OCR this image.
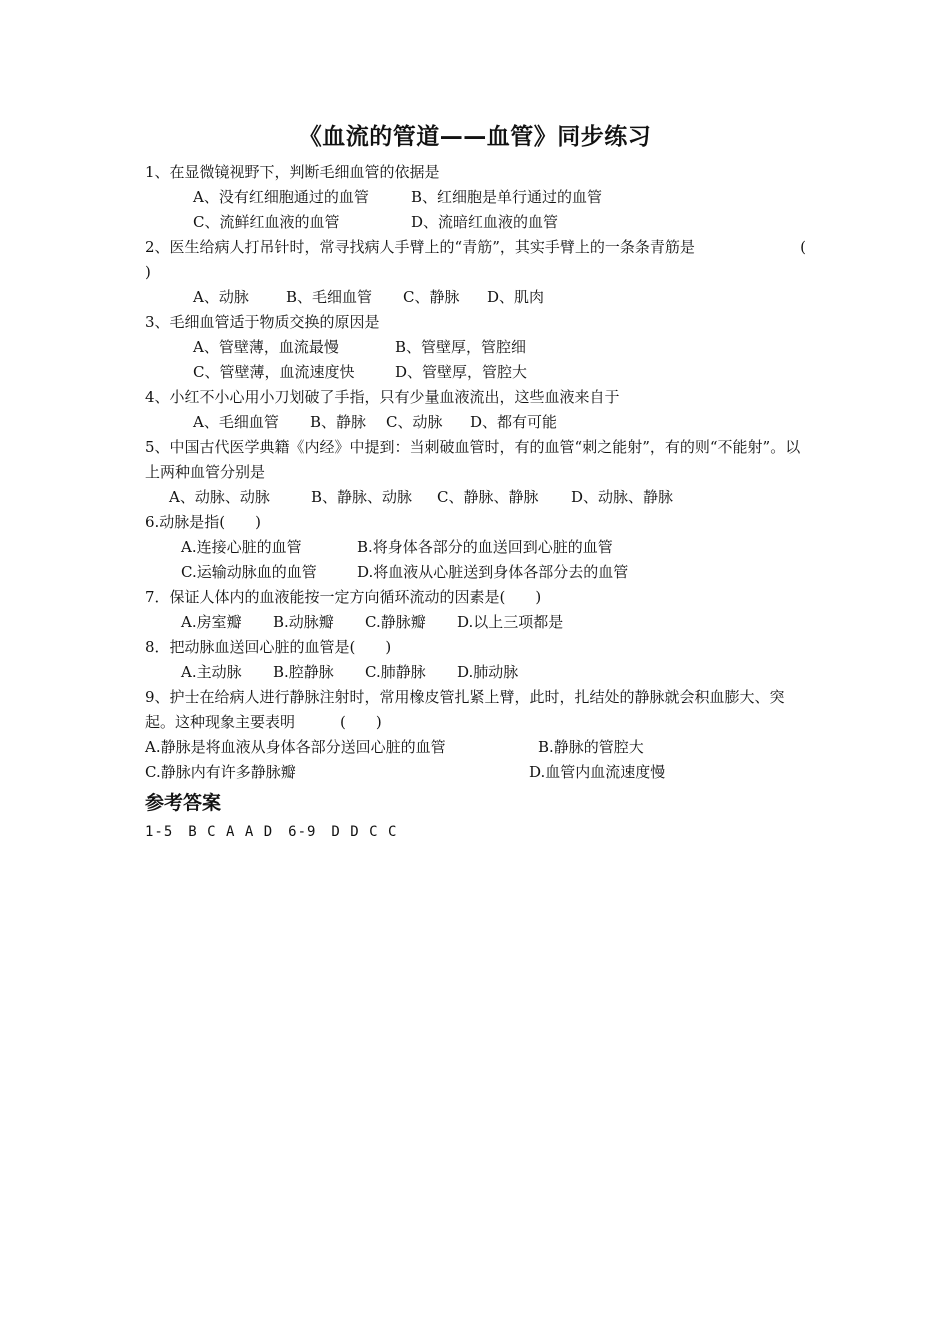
《血流的管道——血管》同步练习
1、在显微镜视野下，判断毛细血管的依据是
A、没有红细胞通过的血管	B、红细胞是单行通过的血管
C、流鲜红血液的血管	D、流暗红血液的血管
2、医生给病人打吊针时，常寻找病人手臂上的“青筋”，其实手臂上的一条条青筋是	(
)
A、动脉 B、毛细血管 C、静脉 D、肌肉
3、毛细血管适于物质交换的原因是
A、管壁薄，血流最慢	B、管壁厚，管腔细
C、管壁薄，血流速度快	D、管壁厚，管腔大
4、小红不小心用小刀划破了手指，只有少量血液流出，这些血液来自于
A、毛细血管 B、静脉 C、动脉 D、都有可能
5、中国古代医学典籍《内经》中提到：当刺破血管时，有的血管“刺之能射”，有的则“不能射”。以上两种血管分别是
A、动脉、动脉	B、静脉、动脉 C、静脉、静脉 D、动脉、静脉
6.动脉是指(　　)
A.连接心脏的血管	B.将身体各部分的血送回到心脏的血管
C.运输动脉血的血管	D.将血液从心脏送到身体各部分去的血管
7．保证人体内的血液能按一定方向循环流动的因素是(　　)
A.房室瓣 B.动脉瓣 C.静脉瓣 D.以上三项都是
8．把动脉血送回心脏的血管是(　　)
A.主动脉 B.腔静脉 C.肺静脉 D.肺动脉
9、护士在给病人进行静脉注射时，常用橡皮管扎紧上臂，此时，扎结处的静脉就会积血膨大、突起。这种现象主要表明　　　(　　)
A.静脉是将血液从身体各部分送回心脏的血管	B.静脉的管腔大
C.静脉内有许多静脉瓣	D.血管内血流速度慢
参考答案
1-5　B C A A D　6-9　D D C C
